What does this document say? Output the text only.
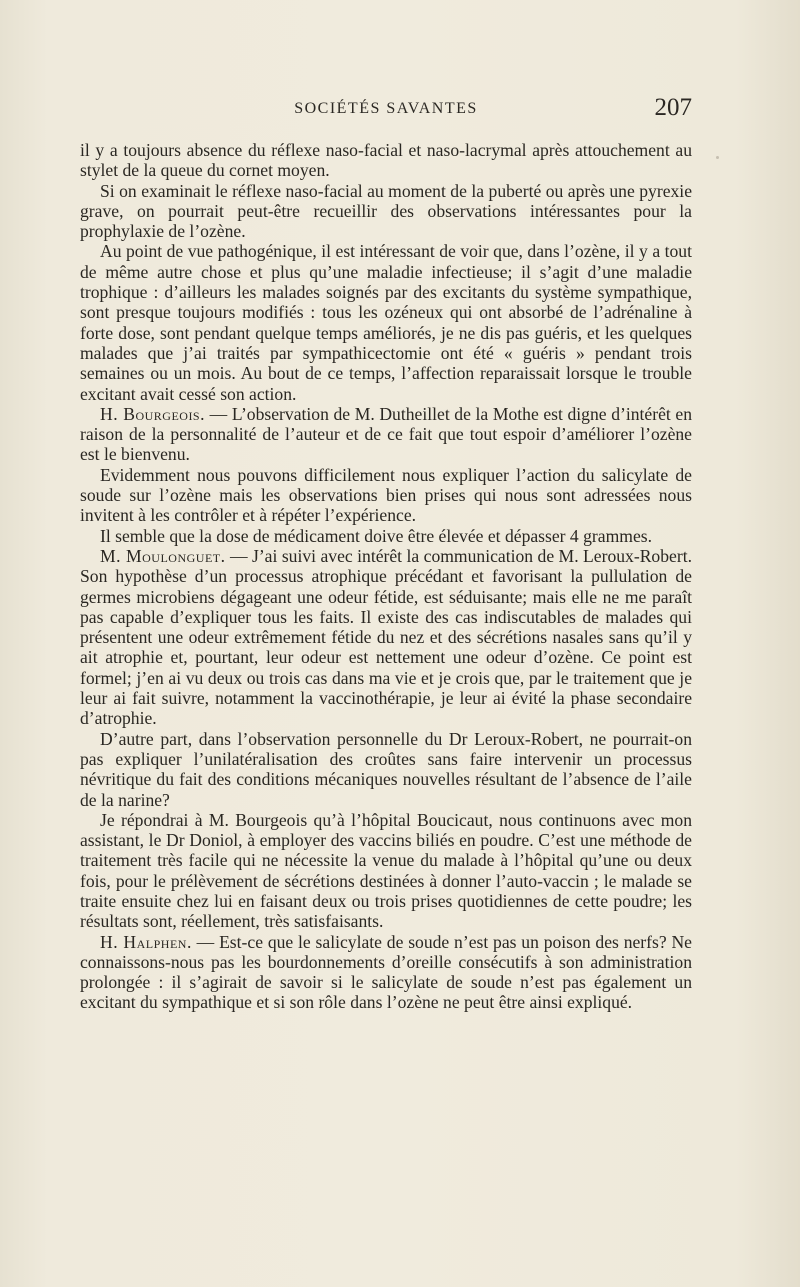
SOCIÉTÉS SAVANTES	207

il y a toujours absence du réflexe naso-facial et naso-lacrymal après attouchement au stylet de la queue du cornet moyen.

Si on examinait le réflexe naso-facial au moment de la puberté ou après une pyrexie grave, on pourrait peut-être recueillir des observations intéressantes pour la prophylaxie de l’ozène.

Au point de vue pathogénique, il est intéressant de voir que, dans l’ozène, il y a tout de même autre chose et plus qu’une maladie infectieuse; il s’agit d’une maladie trophique : d’ailleurs les malades soignés par des excitants du système sympathique, sont presque toujours modifiés : tous les ozéneux qui ont absorbé de l’adrénaline à forte dose, sont pendant quelque temps améliorés, je ne dis pas guéris, et les quelques malades que j’ai traités par sympathicectomie ont été « guéris » pendant trois semaines ou un mois. Au bout de ce temps, l’affection reparaissait lorsque le trouble excitant avait cessé son action.

H. Bourgeois. — L’observation de M. Dutheillet de la Mothe est digne d’intérêt en raison de la personnalité de l’auteur et de ce fait que tout espoir d’améliorer l’ozène est le bienvenu.

Evidemment nous pouvons difficilement nous expliquer l’action du salicylate de soude sur l’ozène mais les observations bien prises qui nous sont adressées nous invitent à les contrôler et à répéter l’expérience.

Il semble que la dose de médicament doive être élevée et dépasser 4 grammes.

M. Moulonguet. — J’ai suivi avec intérêt la communication de M. Leroux-Robert. Son hypothèse d’un processus atrophique précédant et favorisant la pullulation de germes microbiens dégageant une odeur fétide, est séduisante; mais elle ne me paraît pas capable d’expliquer tous les faits. Il existe des cas indiscutables de malades qui présentent une odeur extrêmement fétide du nez et des sécrétions nasales sans qu’il y ait atrophie et, pourtant, leur odeur est nettement une odeur d’ozène. Ce point est formel; j’en ai vu deux ou trois cas dans ma vie et je crois que, par le traitement que je leur ai fait suivre, notamment la vaccinothérapie, je leur ai évité la phase secondaire d’atrophie.

D’autre part, dans l’observation personnelle du Dr Leroux-Robert, ne pourrait-on pas expliquer l’unilatéralisation des croûtes sans faire intervenir un processus névritique du fait des conditions mécaniques nouvelles résultant de l’absence de l’aile de la narine?

Je répondrai à M. Bourgeois qu’à l’hôpital Boucicaut, nous continuons avec mon assistant, le Dr Doniol, à employer des vaccins biliés en poudre. C’est une méthode de traitement très facile qui ne nécessite la venue du malade à l’hôpital qu’une ou deux fois, pour le prélèvement de sécrétions destinées à donner l’auto-vaccin ; le malade se traite ensuite chez lui en faisant deux ou trois prises quotidiennes de cette poudre; les résultats sont, réellement, très satisfaisants.

H. Halphen. — Est-ce que le salicylate de soude n’est pas un poison des nerfs? Ne connaissons-nous pas les bourdonnements d’oreille consécutifs à son administration prolongée : il s’agirait de savoir si le salicylate de soude n’est pas également un excitant du sympathique et si son rôle dans l’ozène ne peut être ainsi expliqué.
